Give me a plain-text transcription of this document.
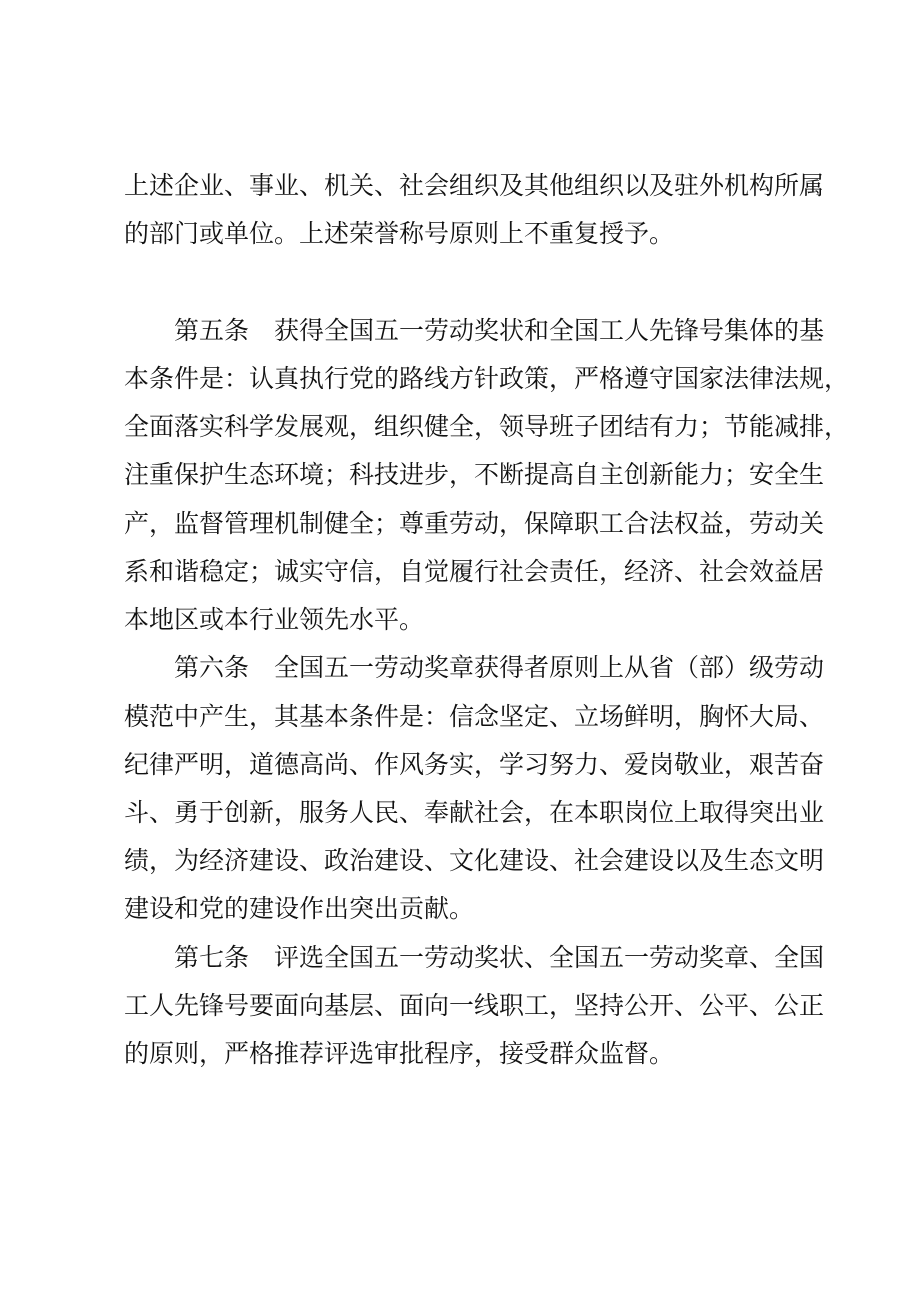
上述企业、事业、机关、社会组织及其他组织以及驻外机构所属
的部门或单位。上述荣誉称号原则上不重复授予。
第五条　获得全国五一劳动奖状和全国工人先锋号集体的基
本条件是：认真执行党的路线方针政策，严格遵守国家法律法规，
全面落实科学发展观，组织健全，领导班子团结有力；节能减排，
注重保护生态环境；科技进步，不断提高自主创新能力；安全生
产，监督管理机制健全；尊重劳动，保障职工合法权益，劳动关
系和谐稳定；诚实守信，自觉履行社会责任，经济、社会效益居
本地区或本行业领先水平。
第六条　全国五一劳动奖章获得者原则上从省（部）级劳动
模范中产生，其基本条件是：信念坚定、立场鲜明，胸怀大局、
纪律严明，道德高尚、作风务实，学习努力、爱岗敬业，艰苦奋
斗、勇于创新，服务人民、奉献社会，在本职岗位上取得突出业
绩，为经济建设、政治建设、文化建设、社会建设以及生态文明
建设和党的建设作出突出贡献。
第七条　评选全国五一劳动奖状、全国五一劳动奖章、全国
工人先锋号要面向基层、面向一线职工，坚持公开、公平、公正
的原则，严格推荐评选审批程序，接受群众监督。
